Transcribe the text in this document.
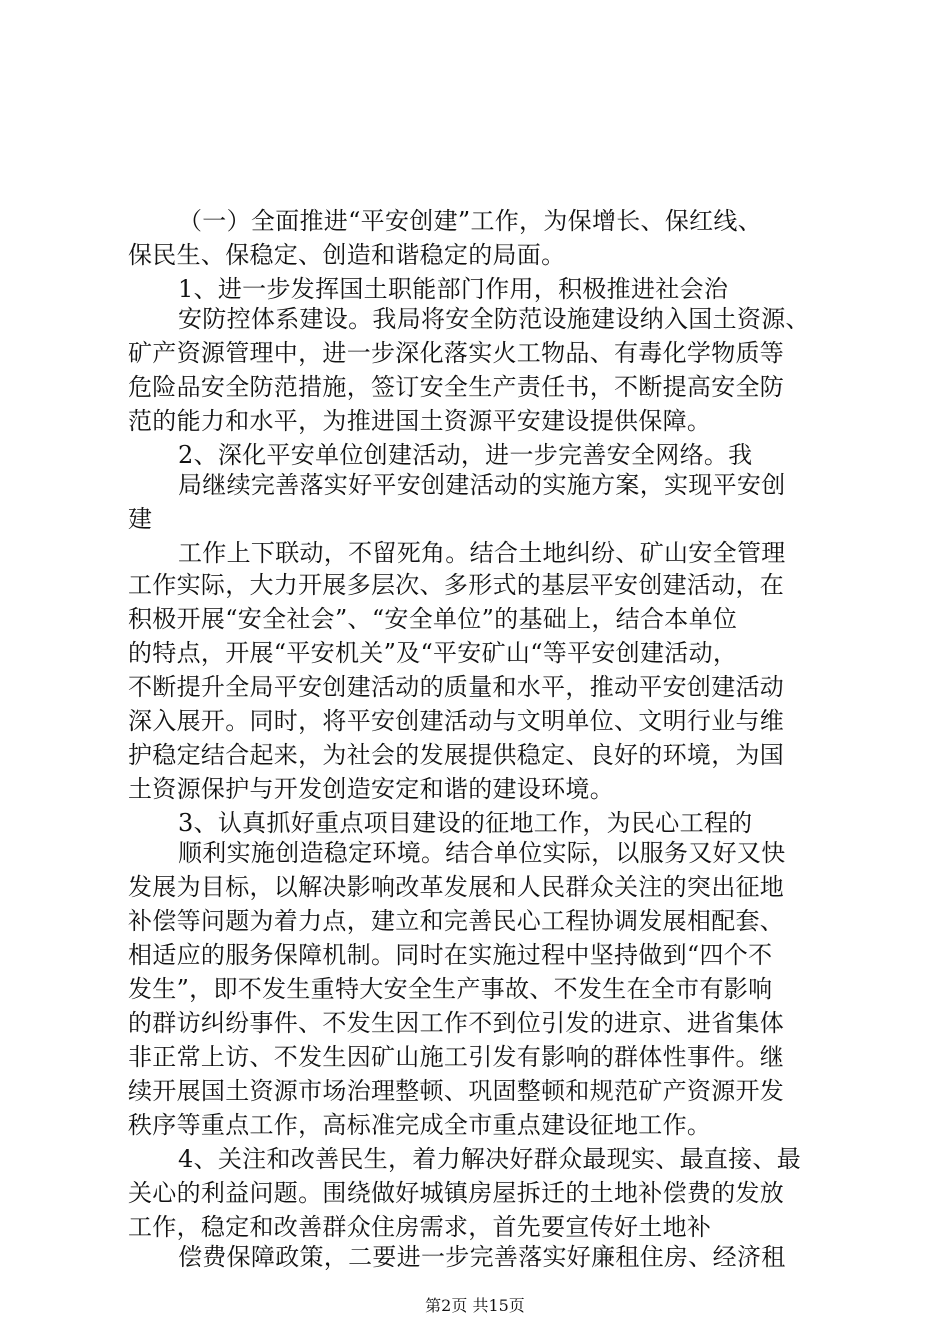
（一）全面推进“平安创建”工作，为保增长、保红线、
保民生、保稳定、创造和谐稳定的局面。
1、进一步发挥国土职能部门作用，积极推进社会治
安防控体系建设。我局将安全防范设施建设纳入国土资源、
矿产资源管理中，进一步深化落实火工物品、有毒化学物质等
危险品安全防范措施，签订安全生产责任书，不断提高安全防
范的能力和水平，为推进国土资源平安建设提供保障。
2、深化平安单位创建活动，进一步完善安全网络。我
局继续完善落实好平安创建活动的实施方案，实现平安创
建
工作上下联动，不留死角。结合土地纠纷、矿山安全管理
工作实际，大力开展多层次、多形式的基层平安创建活动，在
积极开展“安全社会”、“安全单位”的基础上，结合本单位
的特点，开展“平安机关”及“平安矿山“等平安创建活动，
不断提升全局平安创建活动的质量和水平，推动平安创建活动
深入展开。同时，将平安创建活动与文明单位、文明行业与维
护稳定结合起来，为社会的发展提供稳定、良好的环境，为国
土资源保护与开发创造安定和谐的建设环境。
3、认真抓好重点项目建设的征地工作，为民心工程的
顺利实施创造稳定环境。结合单位实际，以服务又好又快
发展为目标，以解决影响改革发展和人民群众关注的突出征地
补偿等问题为着力点，建立和完善民心工程协调发展相配套、
相适应的服务保障机制。同时在实施过程中坚持做到“四个不
发生”，即不发生重特大安全生产事故、不发生在全市有影响
的群访纠纷事件、不发生因工作不到位引发的进京、进省集体
非正常上访、不发生因矿山施工引发有影响的群体性事件。继
续开展国土资源市场治理整顿、巩固整顿和规范矿产资源开发
秩序等重点工作，高标准完成全市重点建设征地工作。
4、关注和改善民生，着力解决好群众最现实、最直接、最
关心的利益问题。围绕做好城镇房屋拆迁的土地补偿费的发放
工作，稳定和改善群众住房需求，首先要宣传好土地补
偿费保障政策，二要进一步完善落实好廉租住房、经济租
第2页 共15页
